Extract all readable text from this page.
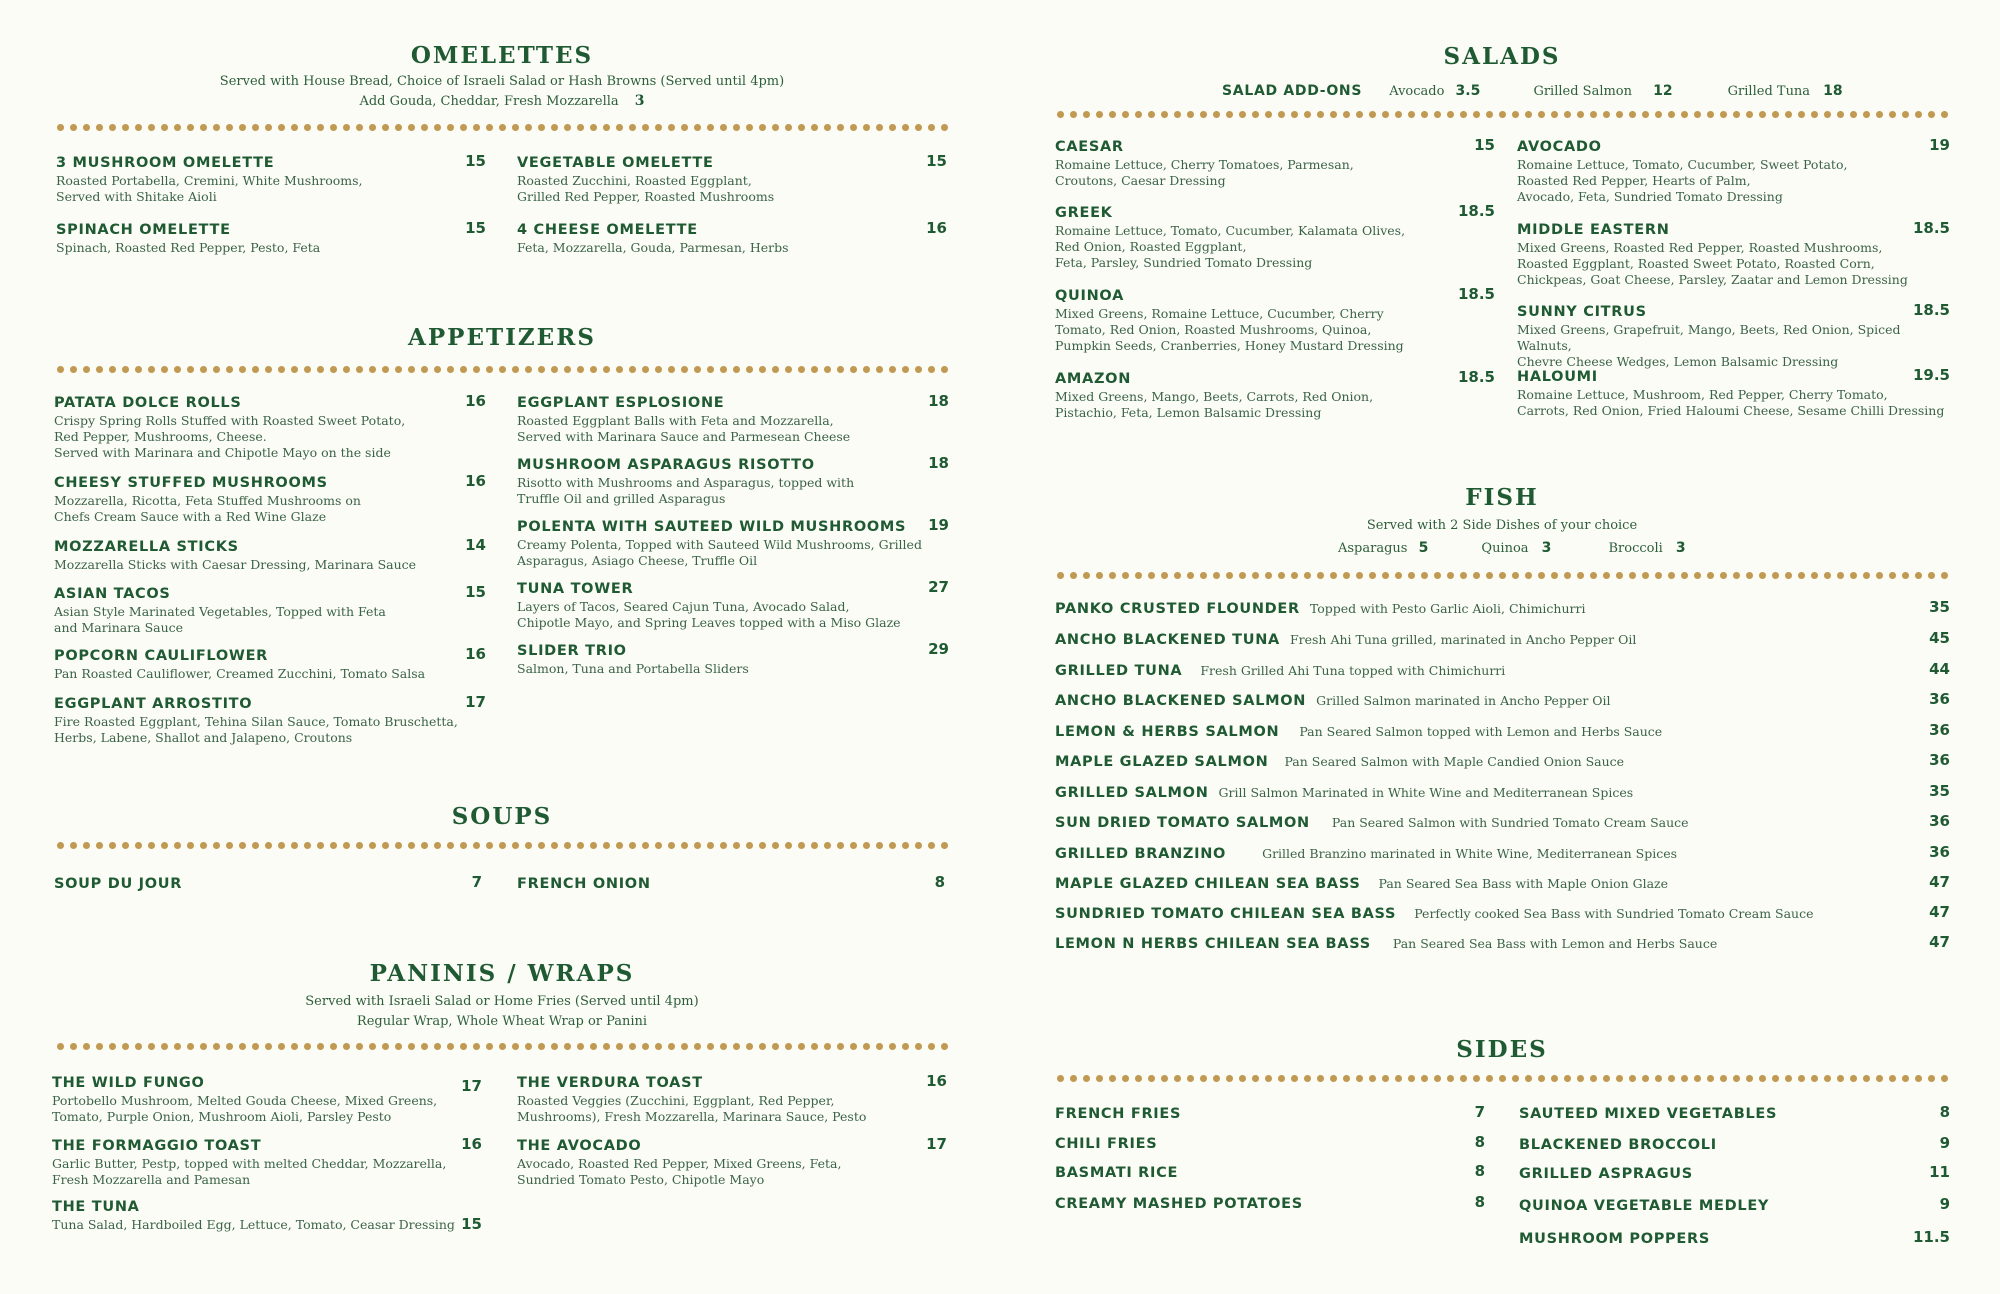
OMELETTES
Served with House Bread, Choice of Israeli Salad or Hash Browns (Served until 4pm)
Add Gouda, Cheddar, Fresh Mozzarella 3
3 MUSHROOM OMELETTE	15
Roasted Portabella, Cremini, White Mushrooms,
Served with Shitake Aioli
SPINACH OMELETTE	15
Spinach, Roasted Red Pepper, Pesto, Feta
VEGETABLE OMELETTE	15
Roasted Zucchini, Roasted Eggplant,
Grilled Red Pepper, Roasted Mushrooms
4 CHEESE OMELETTE	16
Feta, Mozzarella, Gouda, Parmesan, Herbs
APPETIZERS
PATATA DOLCE ROLLS	16
Crispy Spring Rolls Stuffed with Roasted Sweet Potato,
Red Pepper, Mushrooms, Cheese.
Served with Marinara and Chipotle Mayo on the side
CHEESY STUFFED MUSHROOMS	16
Mozzarella, Ricotta, Feta Stuffed Mushrooms on
Chefs Cream Sauce with a Red Wine Glaze
MOZZARELLA STICKS	14
Mozzarella Sticks with Caesar Dressing, Marinara Sauce
ASIAN TACOS	15
Asian Style Marinated Vegetables, Topped with Feta
and Marinara Sauce
POPCORN CAULIFLOWER	16
Pan Roasted Cauliflower, Creamed Zucchini, Tomato Salsa
EGGPLANT ARROSTITO	17
Fire Roasted Eggplant, Tehina Silan Sauce, Tomato Bruschetta,
Herbs, Labene, Shallot and Jalapeno, Croutons
EGGPLANT ESPLOSIONE	18
Roasted Eggplant Balls with Feta and Mozzarella,
Served with Marinara Sauce and Parmesean Cheese
MUSHROOM ASPARAGUS RISOTTO	18
Risotto with Mushrooms and Asparagus, topped with
Truffle Oil and grilled Asparagus
POLENTA WITH SAUTEED WILD MUSHROOMS 19
Creamy Polenta, Topped with Sauteed Wild Mushrooms, Grilled
Asparagus, Asiago Cheese, Truffle Oil
TUNA TOWER	27
Layers of Tacos, Seared Cajun Tuna, Avocado Salad,
Chipotle Mayo, and Spring Leaves topped with a Miso Glaze
SLIDER TRIO	29
Salmon, Tuna and Portabella Sliders
SOUPS
SOUP DU JOUR	7 FRENCH ONION	8
PANINIS / WRAPS
Served with Israeli Salad or Home Fries (Served until 4pm)
Regular Wrap, Whole Wheat Wrap or Panini
THE WILD FUNGO	17
Portobello Mushroom, Melted Gouda Cheese, Mixed Greens,
Tomato, Purple Onion, Mushroom Aioli, Parsley Pesto
THE FORMAGGIO TOAST	16
Garlic Butter, Pestp, topped with melted Cheddar, Mozzarella,
Fresh Mozzarella and Pamesan
THE TUNA
15
Tuna Salad, Hardboiled Egg, Lettuce, Tomato, Ceasar Dressing
THE VERDURA TOAST	16
Roasted Veggies (Zucchini, Eggplant, Red Pepper,
Mushrooms), Fresh Mozzarella, Marinara Sauce, Pesto
THE AVOCADO	17
Avocado, Roasted Red Pepper, Mixed Greens, Feta,
Sundried Tomato Pesto, Chipotle Mayo
SALADS
SALAD ADD-ONS Avocado 3.5	Grilled Salmon 12	Grilled Tuna 18
CAESAR	15
Romaine Lettuce, Cherry Tomatoes, Parmesan,
Croutons, Caesar Dressing
GREEK	18.5
Romaine Lettuce, Tomato, Cucumber, Kalamata Olives,
Red Onion, Roasted Eggplant,
Feta, Parsley, Sundried Tomato Dressing
QUINOA	18.5
Mixed Greens, Romaine Lettuce, Cucumber, Cherry
Tomato, Red Onion, Roasted Mushrooms, Quinoa,
Pumpkin Seeds, Cranberries, Honey Mustard Dressing
AMAZON	18.5
Mixed Greens, Mango, Beets, Carrots, Red Onion,
Pistachio, Feta, Lemon Balsamic Dressing
AVOCADO	19
Romaine Lettuce, Tomato, Cucumber, Sweet Potato,
Roasted Red Pepper, Hearts of Palm,
Avocado, Feta, Sundried Tomato Dressing
MIDDLE EASTERN	18.5
Mixed Greens, Roasted Red Pepper, Roasted Mushrooms,
Roasted Eggplant, Roasted Sweet Potato, Roasted Corn,
Chickpeas, Goat Cheese, Parsley, Zaatar and Lemon Dressing
SUNNY CITRUS	18.5
Mixed Greens, Grapefruit, Mango, Beets, Red Onion, Spiced Walnuts,
Chevre Cheese Wedges, Lemon Balsamic Dressing
HALOUMI	19.5
Romaine Lettuce, Mushroom, Red Pepper, Cherry Tomato,
Carrots, Red Onion, Fried Haloumi Cheese, Sesame Chilli Dressing
FISH
Served with 2 Side Dishes of your choice
Asparagus 5	Quinoa 3	Broccoli 3
PANKO CRUSTED FLOUNDER Topped with Pesto Garlic Aioli, Chimichurri	35
ANCHO BLACKENED TUNA Fresh Ahi Tuna grilled, marinated in Ancho Pepper Oil	45
GRILLED TUNA Fresh Grilled Ahi Tuna topped with Chimichurri	44
ANCHO BLACKENED SALMON Grilled Salmon marinated in Ancho Pepper Oil	36
LEMON & HERBS SALMON Pan Seared Salmon topped with Lemon and Herbs Sauce	36
MAPLE GLAZED SALMON Pan Seared Salmon with Maple Candied Onion Sauce	36
GRILLED SALMON Grill Salmon Marinated in White Wine and Mediterranean Spices	35
SUN DRIED TOMATO SALMON Pan Seared Salmon with Sundried Tomato Cream Sauce	36
GRILLED BRANZINO	Grilled Branzino marinated in White Wine, Mediterranean Spices	36
MAPLE GLAZED CHILEAN SEA BASS Pan Seared Sea Bass with Maple Onion Glaze	47
SUNDRIED TOMATO CHILEAN SEA BASS Perfectly cooked Sea Bass with Sundried Tomato Cream Sauce	47
LEMON N HERBS CHILEAN SEA BASS Pan Seared Sea Bass with Lemon and Herbs Sauce	47
SIDES
FRENCH FRIES	7
CHILI FRIES	8
BASMATI RICE	8
CREAMY MASHED POTATOES	8
SAUTEED MIXED VEGETABLES	8
BLACKENED BROCCOLI	9
GRILLED ASPRAGUS	11
QUINOA VEGETABLE MEDLEY	9
MUSHROOM POPPERS	11.5
